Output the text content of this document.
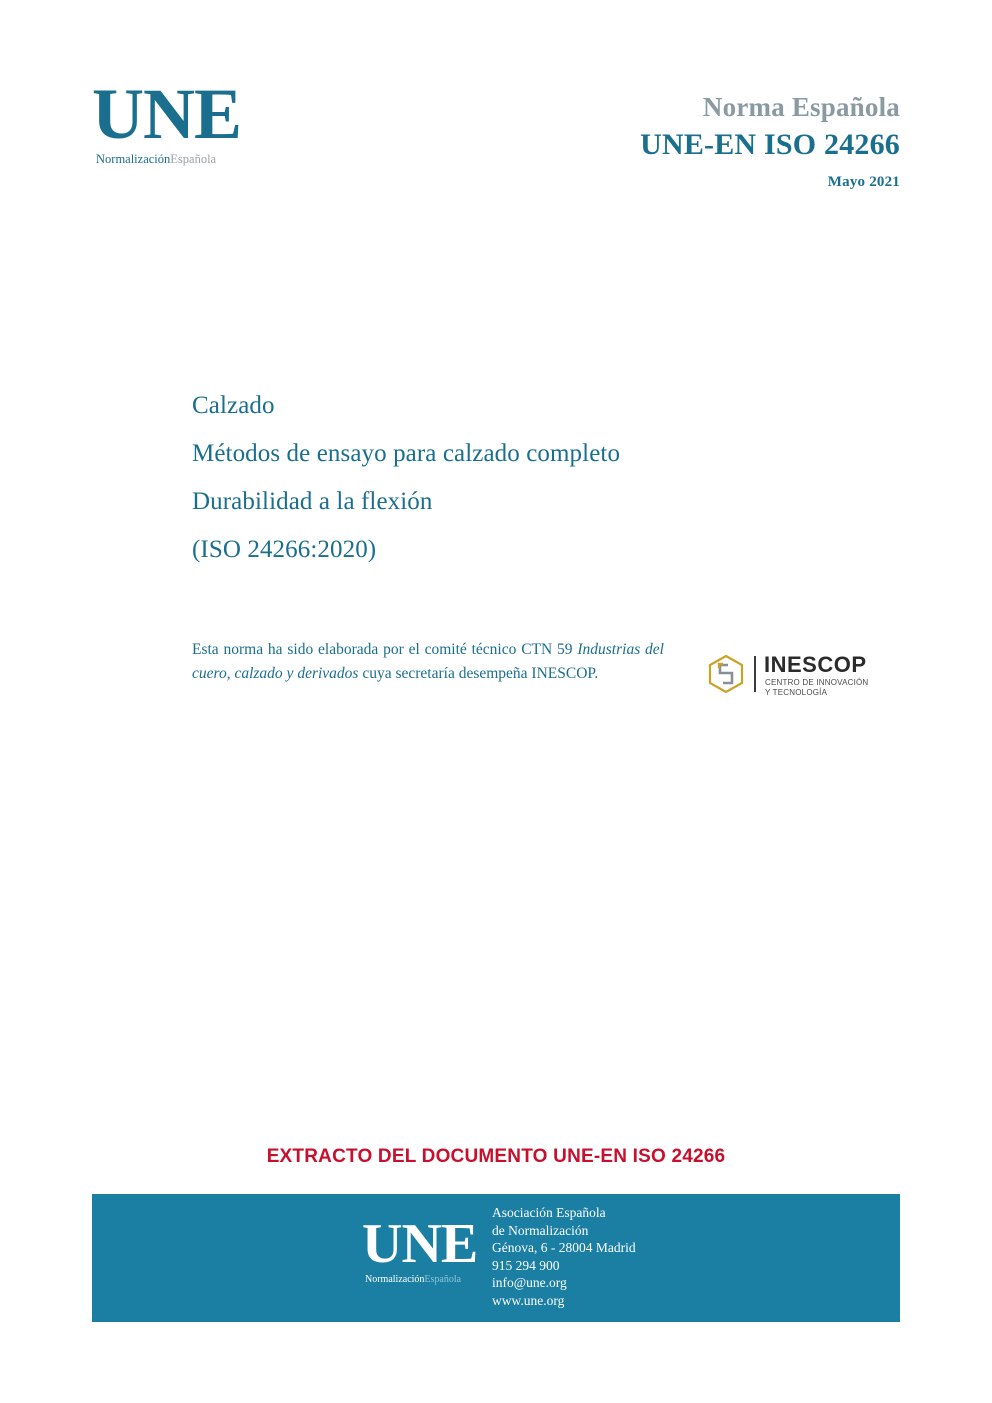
UNE
NormalizaciónEspañola
Norma Española
UNE-EN ISO 24266
Mayo 2021
Calzado
Métodos de ensayo para calzado completo
Durabilidad a la flexión
(ISO 24266:2020)
Esta norma ha sido elaborada por el comité técnico CTN 59 Industrias del cuero, calzado y derivados cuya secretaría desempeña INESCOP.	INESCOP
CENTRO DE INNOVACIÓN
Y TECNOLOGÍA
EXTRACTO DEL DOCUMENTO UNE-EN ISO 24266
UNE
NormalizaciónEspañola
Asociación Española
de Normalización
Génova, 6 - 28004 Madrid
915 294 900
info@une.org
www.une.org
